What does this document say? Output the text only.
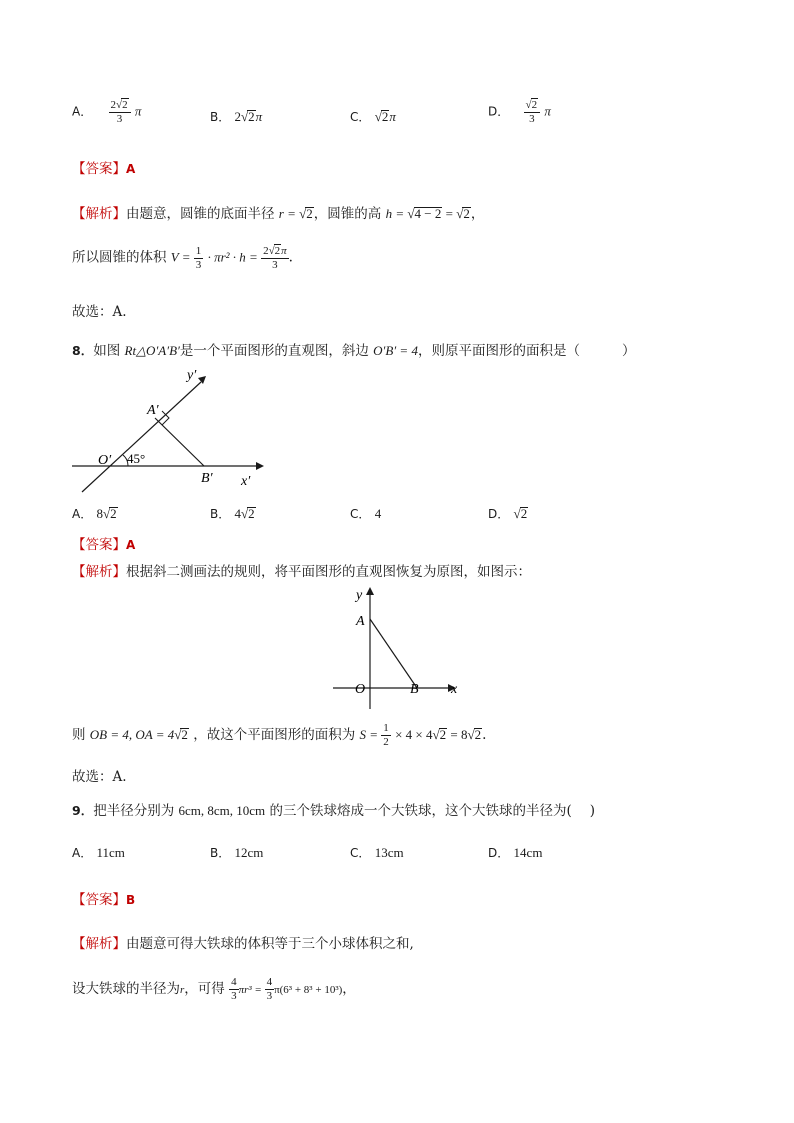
A． $\frac{2√2}{3}$ π	B． 2√2π	C． √2π	D． $\frac{√2}{3}$ π
【答案】A
【解析】由题意，圆锥的底面半径 r = √2，圆锥的高 h = √4 − 2 = √2，
所以圆锥的体积 $V = \frac{1}{3} \cdot \pi r^2 \cdot h = \frac{2√2\pi}{3}$ .
故选：A.
8．如图 Rt△O′A′B′是一个平面图形的直观图，斜边 O′B′ = 4，则原平面图形的面积是（	）
y′
A′
O′ 45°
B′ x′
A． 8√2	B． 4√2	C． 4	D． √2
【答案】A
【解析】根据斜二测画法的规则，将平面图形的直观图恢复为原图，如图示：
y
A
O	B x
则 OB = 4, OA = 4√2 ，故这个平面图形的面积为 $S = \frac{1}{2} \times 4 \times 4√2 = 8√2$.
故选：A.
9．把半径分别为 6cm, 8cm, 10cm 的三个铁球熔成一个大铁球，这个大铁球的半径为( )
A． 11cm	B． 12cm	C． 13cm	D． 14cm
【答案】B
【解析】由题意可得大铁球的体积等于三个小球体积之和,
设大铁球的半径为r，可得 $\frac{4}{3} \pi r^3 = \frac{4}{3} \pi(6^3 + 8^3 + 10^3)$，
